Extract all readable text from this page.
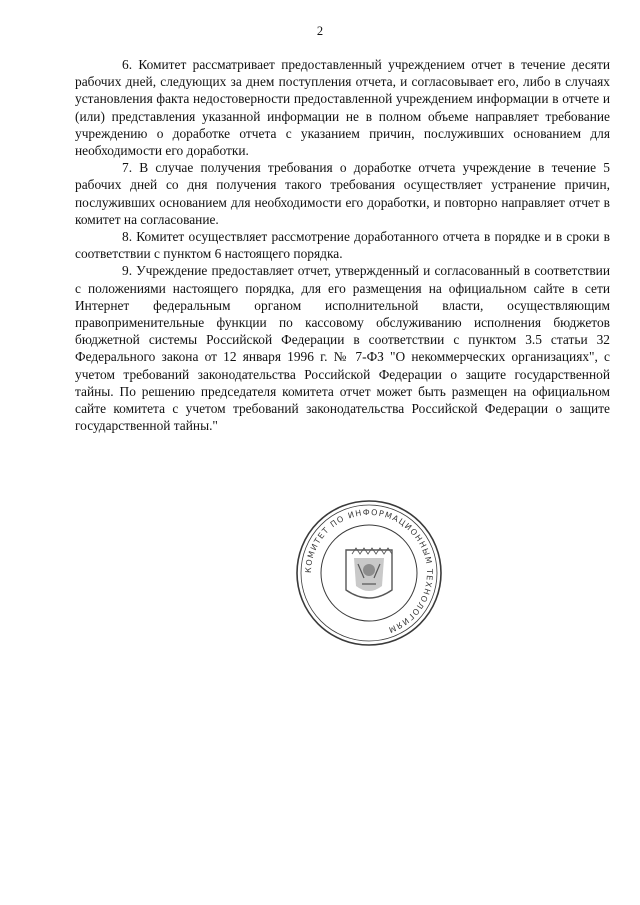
2

6. Комитет рассматривает предоставленный учреждением отчет в течение десяти рабочих дней, следующих за днем поступления отчета, и согласовывает его, либо в случаях установления факта недостоверности предоставленной учреждением информации в отчете и (или) представления указанной информации не в полном объеме направляет требование учреждению о доработке отчета с указанием причин, послуживших основанием для необходимости его доработки.

7. В случае получения требования о доработке отчета учреждение в течение 5 рабочих дней со дня получения такого требования осуществляет устранение причин, послуживших основанием для необходимости его доработки, и повторно направляет отчет в комитет на согласование.

8. Комитет осуществляет рассмотрение доработанного отчета в порядке и в сроки в соответствии с пунктом 6 настоящего порядка.

9. Учреждение предоставляет отчет, утвержденный и согласованный в соответствии с положениями настоящего порядка, для его размещения на официальном сайте в сети Интернет федеральным органом исполнительной власти, осуществляющим правоприменительные функции по кассовому обслуживанию исполнения бюджетов бюджетной системы Российской Федерации в соответствии с пунктом 3.5 статьи 32 Федерального закона от 12 января 1996 г. № 7-ФЗ "О некоммерческих организациях", с учетом требований законодательства Российской Федерации о защите государственной тайны. По решению председателя комитета отчет может быть размещен на официальном сайте комитета с учетом требований законодательства Российской Федерации о защите государственной тайны."

КОМИТЕТ ПО ИНФОРМАЦИОННЫМ ТЕХНОЛОГИЯМ
